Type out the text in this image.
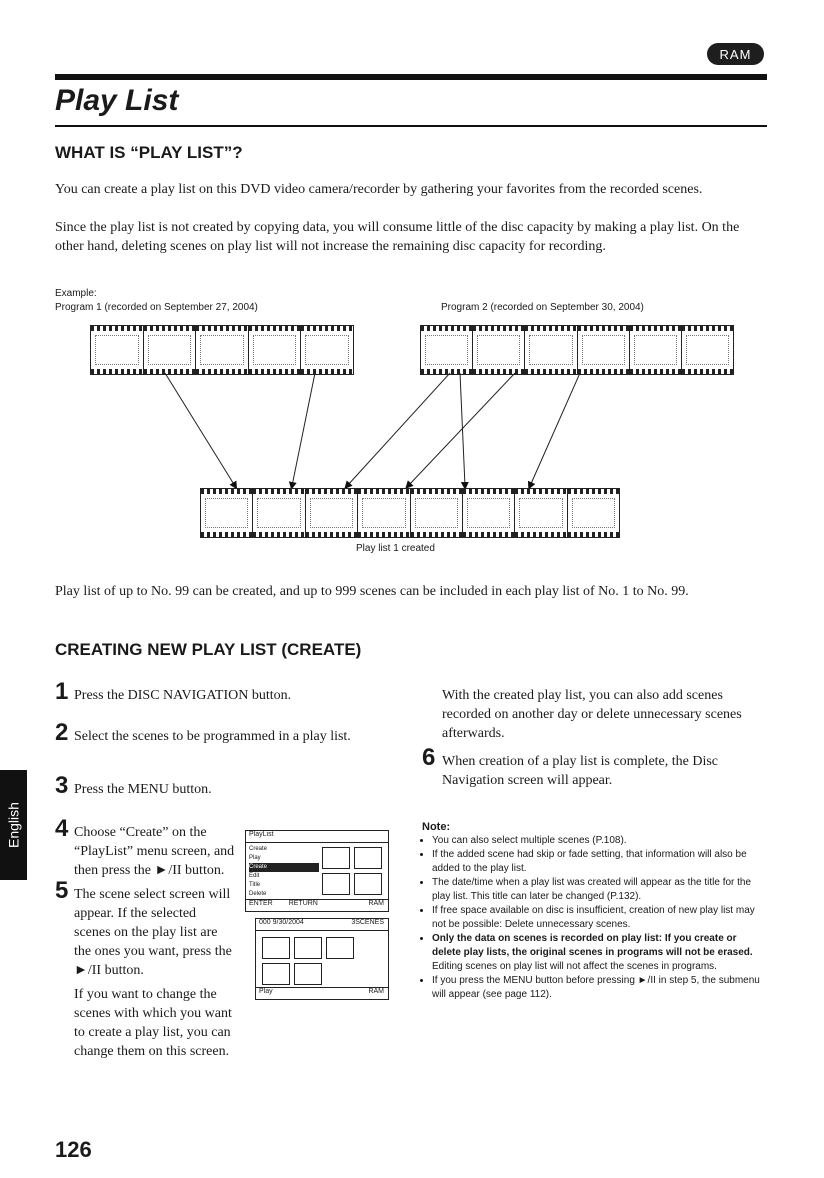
RAM
Play List
WHAT IS “PLAY LIST”?
You can create a play list on this DVD video camera/recorder by gathering your favorites from the recorded scenes.
Since the play list is not created by copying data, you will consume little of the disc capacity by making a play list. On the other hand, deleting scenes on play list will not increase the remaining disc capacity for recording.
Example:
Program 1 (recorded on September 27, 2004)	Program 2 (recorded on September 30, 2004)
Play list 1 created
Play list of up to No. 99 can be created, and up to 999 scenes can be included in each play list of No. 1 to No. 99.
CREATING NEW PLAY LIST (CREATE)
1 Press the DISC NAVIGATION button.
2 Select the scenes to be programmed in a play list.
3 Press the MENU button.
4 Choose “Create” on the “PlayList” menu screen, and then press the ►/II button.
5 The scene select screen will appear. If the selected scenes on the play list are the ones you want, press the ►/II button.
If you want to change the scenes with which you want to create a play list, you can change them on this screen.
PlayList
Create
Play
Create
Edit
Title
Delete
ENTER RETURN	RAM
000 9/30/2004	3SCENES
Play	RAM
With the created play list, you can also add scenes recorded on another day or delete unnecessary scenes afterwards.
6 When creation of a play list is complete, the Disc Navigation screen will appear.
Note:
• You can also select multiple scenes (P.108).
• If the added scene had skip or fade setting, that information will also be added to the play list.
• The date/time when a play list was created will appear as the title for the play list. This title can later be changed (P.132).
• If free space available on disc is insufficient, creation of new play list may not be possible: Delete unnecessary scenes.
• Only the data on scenes is recorded on play list: If you create or delete play lists, the original scenes in programs will not be erased.
Editing scenes on play list will not affect the scenes in programs.
• If you press the MENU button before pressing ►/II in step 5, the submenu will appear (see page 112).
English
126
